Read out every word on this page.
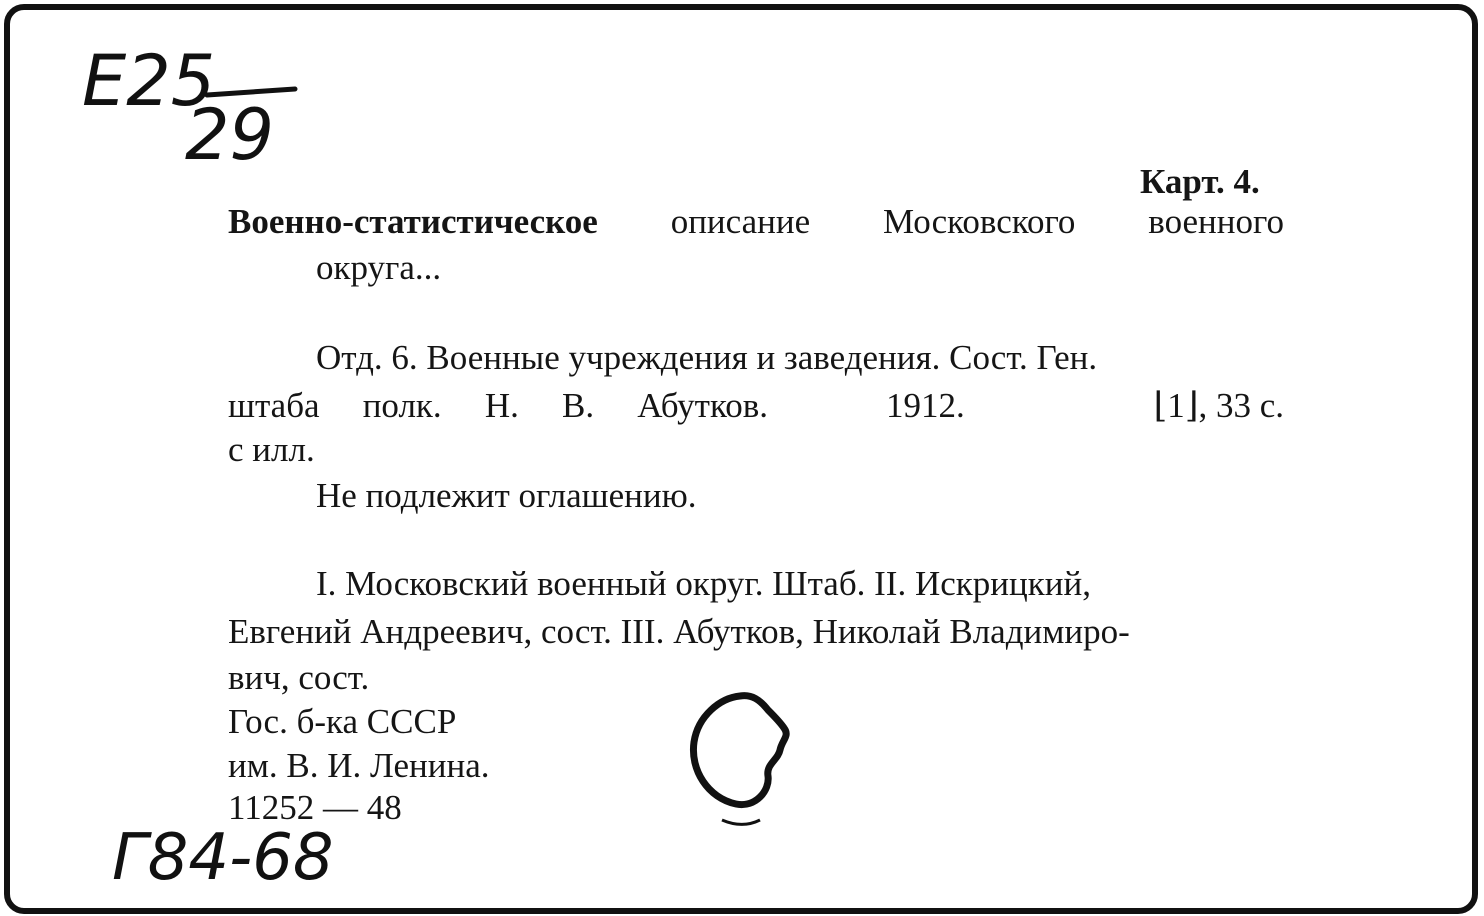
E25
29

Карт. 4.

Военно-статистическое описание Московского военного

округа...

Отд. 6. Военные учреждения и заведения. Сост. Ген.

штаба полк. Н. В. Абутков.	1912.	⌊1⌋, 33 с.

с илл.

Не подлежит оглашению.

I. Московский военный округ. Штаб. II. Искрицкий,

Евгений Андреевич, сост. III. Абутков, Николай Владимиро-

вич, сост.

Гос. б-ка СССР

им. В. И. Ленина.

11252 — 48

Г84-68
